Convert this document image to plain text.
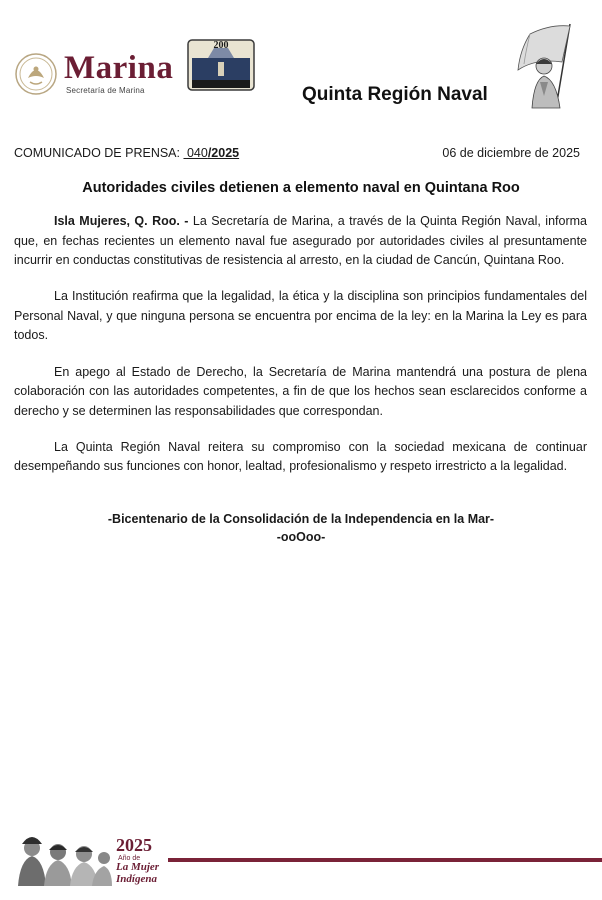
Marina
Secretaría de Marina
200
Quinta Región Naval
COMUNICADO DE PRENSA: 040/2025	06 de diciembre de 2025
Autoridades civiles detienen a elemento naval en Quintana Roo

Isla Mujeres, Q. Roo. - La Secretaría de Marina, a través de la Quinta Región Naval, informa que, en fechas recientes un elemento naval fue asegurado por autoridades civiles al presuntamente incurrir en conductas constitutivas de resistencia al arresto, en la ciudad de Cancún, Quintana Roo.

La Institución reafirma que la legalidad, la ética y la disciplina son principios fundamentales del Personal Naval, y que ninguna persona se encuentra por encima de la ley: en la Marina la Ley es para todos.

En apego al Estado de Derecho, la Secretaría de Marina mantendrá una postura de plena colaboración con las autoridades competentes, a fin de que los hechos sean esclarecidos conforme a derecho y se determinen las responsabilidades que correspondan.

La Quinta Región Naval reitera su compromiso con la sociedad mexicana de continuar desempeñando sus funciones con honor, lealtad, profesionalismo y respeto irrestricto a la legalidad.

-Bicentenario de la Consolidación de la Independencia en la Mar-
-ooOoo-
2025
Año de
La Mujer
Indígena
